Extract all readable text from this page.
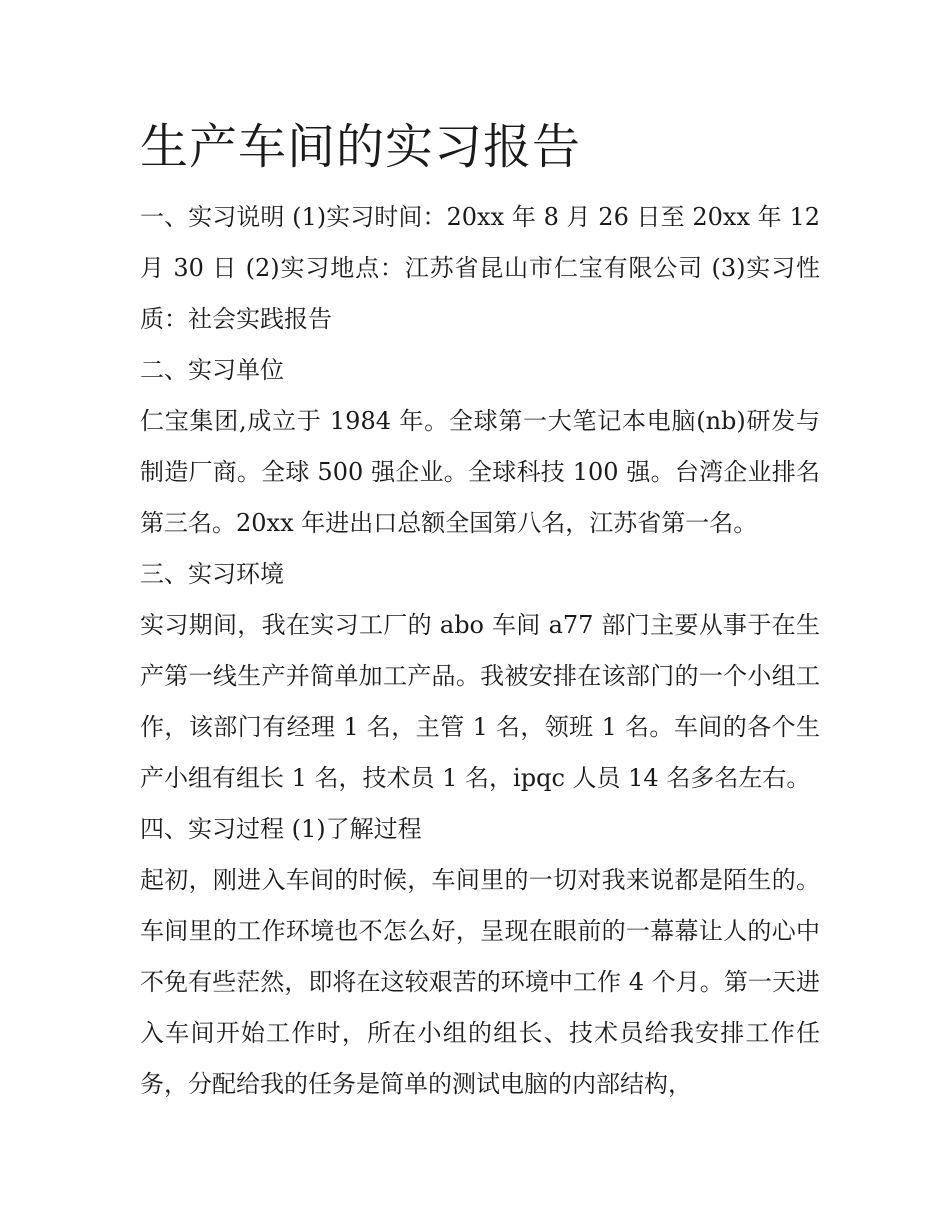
生产车间的实习报告

一、实习说明 (1)实习时间：20xx 年 8 月 26 日至 20xx 年 12 月 30 日 (2)实习地点：江苏省昆山市仁宝有限公司 (3)实习性质：社会实践报告

二、实习单位

仁宝集团,成立于 1984 年。全球第一大笔记本电脑(nb)研发与制造厂商。全球 500 强企业。全球科技 100 强。台湾企业排名第三名。20xx 年进出口总额全国第八名，江苏省第一名。

三、实习环境

实习期间，我在实习工厂的 abo 车间 a77 部门主要从事于在生产第一线生产并简单加工产品。我被安排在该部门的一个小组工作，该部门有经理 1 名，主管 1 名，领班 1 名。车间的各个生产小组有组长 1 名，技术员 1 名，ipqc 人员 14 名多名左右。

四、实习过程 (1)了解过程

起初，刚进入车间的时候，车间里的一切对我来说都是陌生的。车间里的工作环境也不怎么好，呈现在眼前的一幕幕让人的心中不免有些茫然，即将在这较艰苦的环境中工作 4 个月。第一天进入车间开始工作时，所在小组的组长、技术员给我安排工作任务，分配给我的任务是简单的测试电脑的内部结构，
